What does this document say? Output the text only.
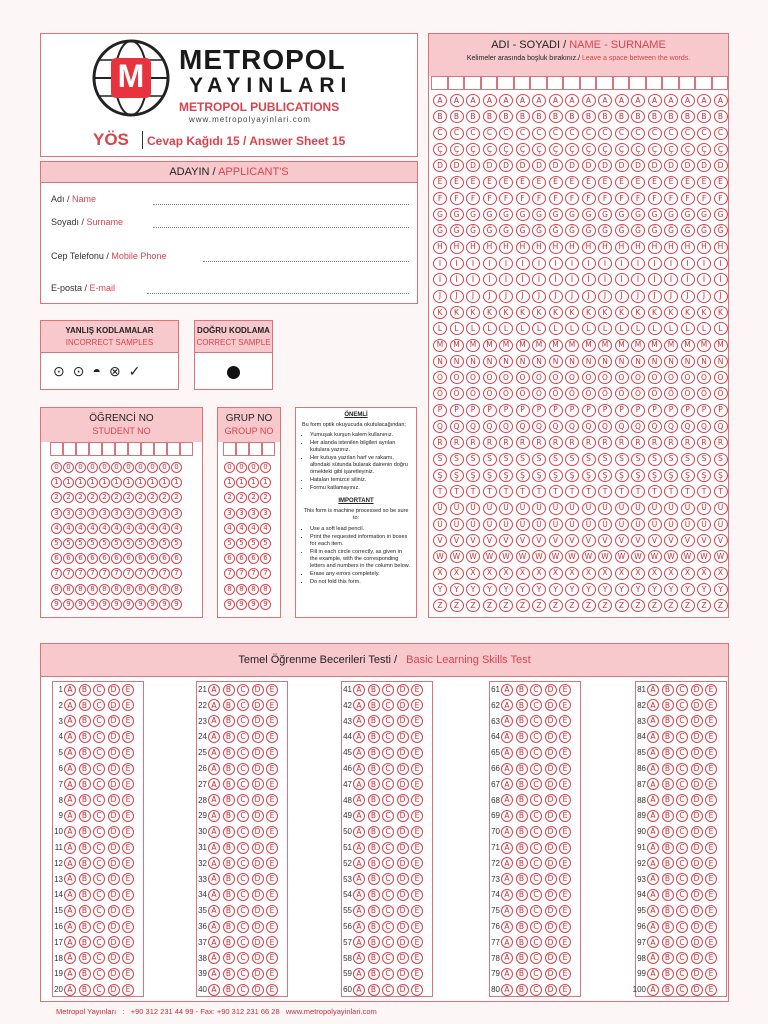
M METROPOL
YAYINLARI
METROPOL PUBLICATIONS
www.metropolyayinlari.com
YÖS Cevap Kağıdı 15 / Answer Sheet 15
ADAYIN / APPLICANT'S
Adı / Name
Soyadı / Surname
Cep Telefonu / Mobile Phone
E-posta / E-mail
YANLIŞ KODLAMALAR
INCORRECT SAMPLES
⊙⊙◓⊗✓
DOĞRU KODLAMA
CORRECT SAMPLE
ÖĞRENCİ NO
STUDENT NO
0	0	0	0	0	0	0	0	0	0	0
1	1	1	1	1	1	1	1	1	1	1
2	2	2	2	2	2	2	2	2	2	2
3	3	3	3	3	3	3	3	3	3	3
4	4	4	4	4	4	4	4	4	4	4
5	5	5	5	5	5	5	5	5	5	5
6	6	6	6	6	6	6	6	6	6	6
7	7	7	7	7	7	7	7	7	7	7
8	8	8	8	8	8	8	8	8	8	8
9	9	9	9	9	9	9	9	9	9	9
GRUP NO
GROUP NO
0	0	0	0
1	1	1	1
2	2	2	2
3	3	3	3
4	4	4	4
5	5	5	5
6	6	6	6
7	7	7	7
8	8	8	8
9	9	9	9
ÖNEMLİ
Bu form optik okuyucuda okutulacağından;
• Yumuşak kurşun kalem kullanınız.
• Her alanda istenilen bilgileri ayrılan kutulara yazınız.
• Her kutuya yazılan harf ve rakamı, altındaki sütunda bularak dairenin doğru örnekteki gibi işaretleyiniz.
• Hataları temizce siliniz.
• Formu katlamayınız.
IMPORTANT
This form is machine processed so be sure to:
• Use a soft lead pencil.
• Print the requested information in boxes for each item.
• Fill in each circle correctly, as given in the example, with the corresponding letters and numbers in the column below.
• Erase any errors completely.
• Do not fold this form.
ADI - SOYADI / NAME - SURNAME
Kelimeler arasında boşluk bırakınız./ Leave a space between the words.
A	A	A	A	A	A	A	A	A	A	A	A	A	A	A	A	A	A
B	B	B	B	B	B	B	B	B	B	B	B	B	B	B	B	B	B
C	C	C	C	C	C	C	C	C	C	C	C	C	C	C	C	C	C
Ç	Ç	Ç	Ç	Ç	Ç	Ç	Ç	Ç	Ç	Ç	Ç	Ç	Ç	Ç	Ç	Ç	Ç
D	D	D	D	D	D	D	D	D	D	D	D	D	D	D	D	D	D
E	E	E	E	E	E	E	E	E	E	E	E	E	E	E	E	E	E
F	F	F	F	F	F	F	F	F	F	F	F	F	F	F	F	F	F
G	G	G	G	G	G	G	G	G	G	G	G	G	G	G	G	G	G
Ğ	Ğ	Ğ	Ğ	Ğ	Ğ	Ğ	Ğ	Ğ	Ğ	Ğ	Ğ	Ğ	Ğ	Ğ	Ğ	Ğ	Ğ
H	H	H	H	H	H	H	H	H	H	H	H	H	H	H	H	H	H
I	I	I	I	I	I	I	I	I	I	I	I	I	I	I	I	I	I
İ	İ	İ	İ	İ	İ	İ	İ	İ	İ	İ	İ	İ	İ	İ	İ	İ	İ
J	J	J	J	J	J	J	J	J	J	J	J	J	J	J	J	J	J
K	K	K	K	K	K	K	K	K	K	K	K	K	K	K	K	K	K
L	L	L	L	L	L	L	L	L	L	L	L	L	L	L	L	L	L
M	M	M	M	M	M	M	M	M	M	M	M	M	M	M	M	M	M
N	N	N	N	N	N	N	N	N	N	N	N	N	N	N	N	N	N
O	O	O	O	O	O	O	O	O	O	O	O	O	O	O	O	O	O
Ö	Ö	Ö	Ö	Ö	Ö	Ö	Ö	Ö	Ö	Ö	Ö	Ö	Ö	Ö	Ö	Ö	Ö
P	P	P	P	P	P	P	P	P	P	P	P	P	P	P	P	P	P
Q	Q	Q	Q	Q	Q	Q	Q	Q	Q	Q	Q	Q	Q	Q	Q	Q	Q
R	R	R	R	R	R	R	R	R	R	R	R	R	R	R	R	R	R
S	S	S	S	S	S	S	S	S	S	S	S	S	S	S	S	S	S
Ş	Ş	Ş	Ş	Ş	Ş	Ş	Ş	Ş	Ş	Ş	Ş	Ş	Ş	Ş	Ş	Ş	Ş
T	T	T	T	T	T	T	T	T	T	T	T	T	T	T	T	T	T
U	U	U	U	U	U	U	U	U	U	U	U	U	U	U	U	U	U
Ü	Ü	Ü	Ü	Ü	Ü	Ü	Ü	Ü	Ü	Ü	Ü	Ü	Ü	Ü	Ü	Ü	Ü
V	V	V	V	V	V	V	V	V	V	V	V	V	V	V	V	V	V
W	W	W	W	W	W	W	W	W	W	W	W	W	W	W	W	W	W
X	X	X	X	X	X	X	X	X	X	X	X	X	X	X	X	X	X
Y	Y	Y	Y	Y	Y	Y	Y	Y	Y	Y	Y	Y	Y	Y	Y	Y	Y
Z	Z	Z	Z	Z	Z	Z	Z	Z	Z	Z	Z	Z	Z	Z	Z	Z	Z
Temel Öğrenme Becerileri Testi / Basic Learning Skills Test
1 A	B	C	D	E
2 A	B	C	D	E
3 A	B	C	D	E
4 A	B	C	D	E
5 A	B	C	D	E
6 A	B	C	D	E
7 A	B	C	D	E
8 A	B	C	D	E
9 A	B	C	D	E
10 A	B	C	D	E
11 A	B	C	D	E
12 A	B	C	D	E
13 A	B	C	D	E
14 A	B	C	D	E
15 A	B	C	D	E
16 A	B	C	D	E
17 A	B	C	D	E
18 A	B	C	D	E
19 A	B	C	D	E
20 A	B	C	D	E
21 A	B	C	D	E
22 A	B	C	D	E
23 A	B	C	D	E
24 A	B	C	D	E
25 A	B	C	D	E
26 A	B	C	D	E
27 A	B	C	D	E
28 A	B	C	D	E
29 A	B	C	D	E
30 A	B	C	D	E
31 A	B	C	D	E
32 A	B	C	D	E
33 A	B	C	D	E
34 A	B	C	D	E
35 A	B	C	D	E
36 A	B	C	D	E
37 A	B	C	D	E
38 A	B	C	D	E
39 A	B	C	D	E
40 A	B	C	D	E
41 A	B	C	D	E
42 A	B	C	D	E
43 A	B	C	D	E
44 A	B	C	D	E
45 A	B	C	D	E
46 A	B	C	D	E
47 A	B	C	D	E
48 A	B	C	D	E
49 A	B	C	D	E
50 A	B	C	D	E
51 A	B	C	D	E
52 A	B	C	D	E
53 A	B	C	D	E
54 A	B	C	D	E
55 A	B	C	D	E
56 A	B	C	D	E
57 A	B	C	D	E
58 A	B	C	D	E
59 A	B	C	D	E
60 A	B	C	D	E
61 A	B	C	D	E
62 A	B	C	D	E
63 A	B	C	D	E
64 A	B	C	D	E
65 A	B	C	D	E
66 A	B	C	D	E
67 A	B	C	D	E
68 A	B	C	D	E
69 A	B	C	D	E
70 A	B	C	D	E
71 A	B	C	D	E
72 A	B	C	D	E
73 A	B	C	D	E
74 A	B	C	D	E
75 A	B	C	D	E
76 A	B	C	D	E
77 A	B	C	D	E
78 A	B	C	D	E
79 A	B	C	D	E
80 A	B	C	D	E
81 A	B	C	D	E
82 A	B	C	D	E
83 A	B	C	D	E
84 A	B	C	D	E
85 A	B	C	D	E
86 A	B	C	D	E
87 A	B	C	D	E
88 A	B	C	D	E
89 A	B	C	D	E
90 A	B	C	D	E
91 A	B	C	D	E
92 A	B	C	D	E
93 A	B	C	D	E
94 A	B	C	D	E
95 A	B	C	D	E
96 A	B	C	D	E
97 A	B	C	D	E
98 A	B	C	D	E
99 A	B	C	D	E
100 A	B	C	D	E
Metropol Yayınları   :   +90 312 231 44 99 - Fax: +90 312 231 66 28   www.metropolyayinlari.com
